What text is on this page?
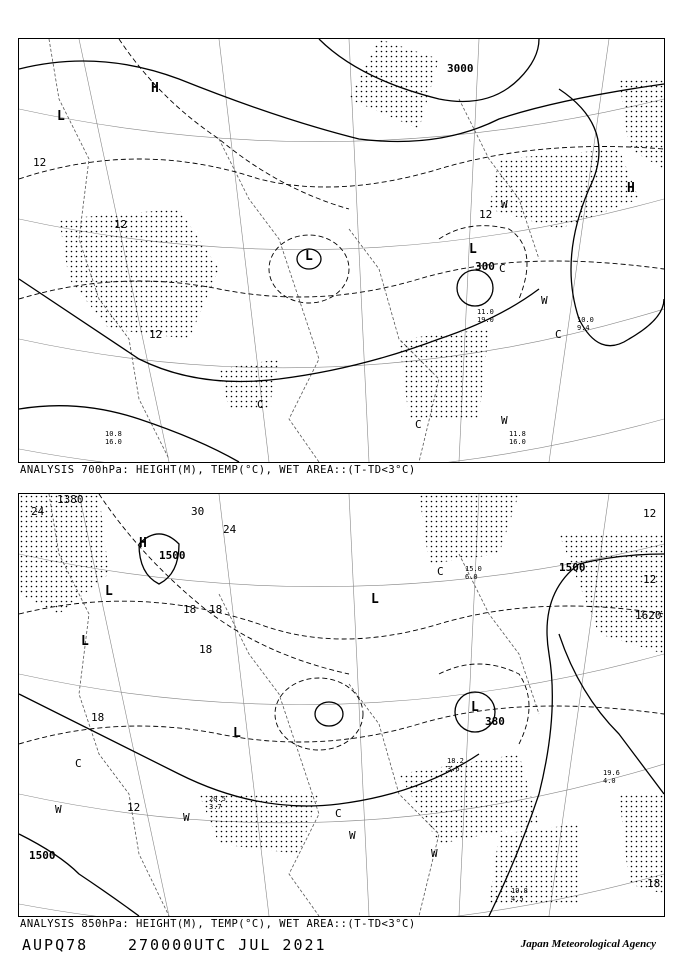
12
12
12
12
3000
300
H
H
L
L
L
W
W
W
C
C
C
C
10.8
16.0
11.0
19.0	10.0
9.4
11.8
16.0
ANALYSIS 700hPa: HEIGHT(M), TEMP(°C), WET AREA::(T-TD<3°C)
1500
1500
1500
1620
1380
24
24
30
18 18
18
18
18
12
12
12
H
L
L
L
L
L
W
W
W
W
C
C
C
380
19.6
4.0
18.2
3.6
19.8
4.5
15.0
6.0
20.5
3.7
ANALYSIS 850hPa: HEIGHT(M), TEMP(°C), WET AREA::(T-TD<3°C)
AUPQ78	270000UTC JUL 2021	Japan Meteorological Agency
